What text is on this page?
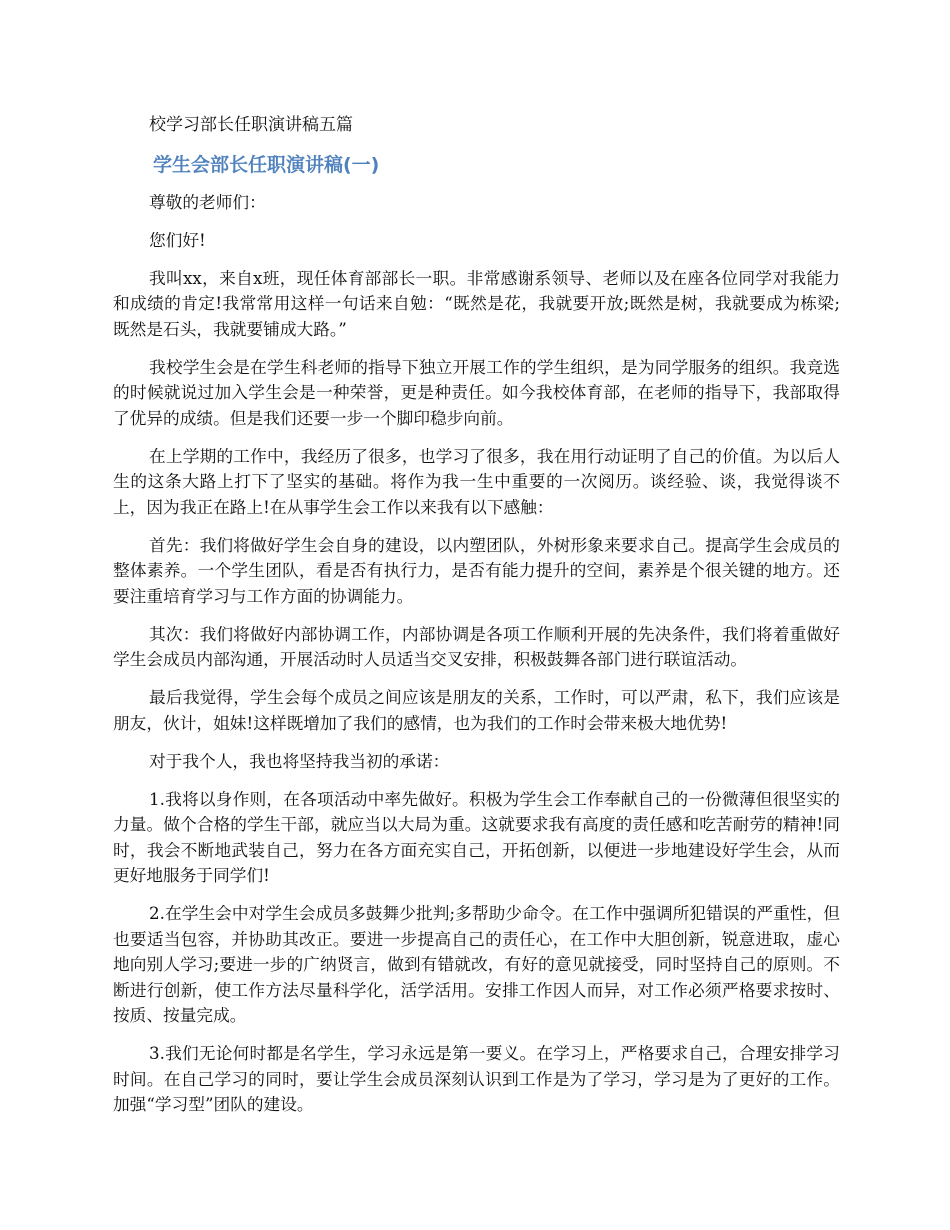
校学习部长任职演讲稿五篇
学生会部长任职演讲稿(一)

尊敬的老师们：

您们好!

我叫xx，来自x班，现任体育部部长一职。非常感谢系领导、老师以及在座各位同学对我能力和成绩的肯定!我常常用这样一句话来自勉：“既然是花，我就要开放;既然是树，我就要成为栋梁;既然是石头，我就要铺成大路。”

我校学生会是在学生科老师的指导下独立开展工作的学生组织，是为同学服务的组织。我竞选的时候就说过加入学生会是一种荣誉，更是种责任。如今我校体育部，在老师的指导下，我部取得了优异的成绩。但是我们还要一步一个脚印稳步向前。

在上学期的工作中，我经历了很多，也学习了很多，我在用行动证明了自己的价值。为以后人生的这条大路上打下了坚实的基础。将作为我一生中重要的一次阅历。谈经验、谈，我觉得谈不上，因为我正在路上!在从事学生会工作以来我有以下感触：

首先：我们将做好学生会自身的建设，以内塑团队，外树形象来要求自己。提高学生会成员的整体素养。一个学生团队，看是否有执行力，是否有能力提升的空间，素养是个很关键的地方。还要注重培育学习与工作方面的协调能力。

其次：我们将做好内部协调工作，内部协调是各项工作顺利开展的先决条件，我们将着重做好学生会成员内部沟通，开展活动时人员适当交叉安排，积极鼓舞各部门进行联谊活动。

最后我觉得，学生会每个成员之间应该是朋友的关系，工作时，可以严肃，私下，我们应该是朋友，伙计，姐妹!这样既增加了我们的感情，也为我们的工作时会带来极大地优势!

对于我个人，我也将坚持我当初的承诺：

1.我将以身作则，在各项活动中率先做好。积极为学生会工作奉献自己的一份微薄但很坚实的力量。做个合格的学生干部，就应当以大局为重。这就要求我有高度的责任感和吃苦耐劳的精神!同时，我会不断地武装自己，努力在各方面充实自己，开拓创新，以便进一步地建设好学生会，从而更好地服务于同学们!

2.在学生会中对学生会成员多鼓舞少批判;多帮助少命令。在工作中强调所犯错误的严重性，但也要适当包容，并协助其改正。要进一步提高自己的责任心，在工作中大胆创新，锐意进取，虚心地向别人学习;要进一步的广纳贤言，做到有错就改，有好的意见就接受，同时坚持自己的原则。不断进行创新，使工作方法尽量科学化，活学活用。安排工作因人而异，对工作必须严格要求按时、按质、按量完成。

3.我们无论何时都是名学生，学习永远是第一要义。在学习上，严格要求自己，合理安排学习时间。在自己学习的同时，要让学生会成员深刻认识到工作是为了学习，学习是为了更好的工作。加强“学习型”团队的建设。
